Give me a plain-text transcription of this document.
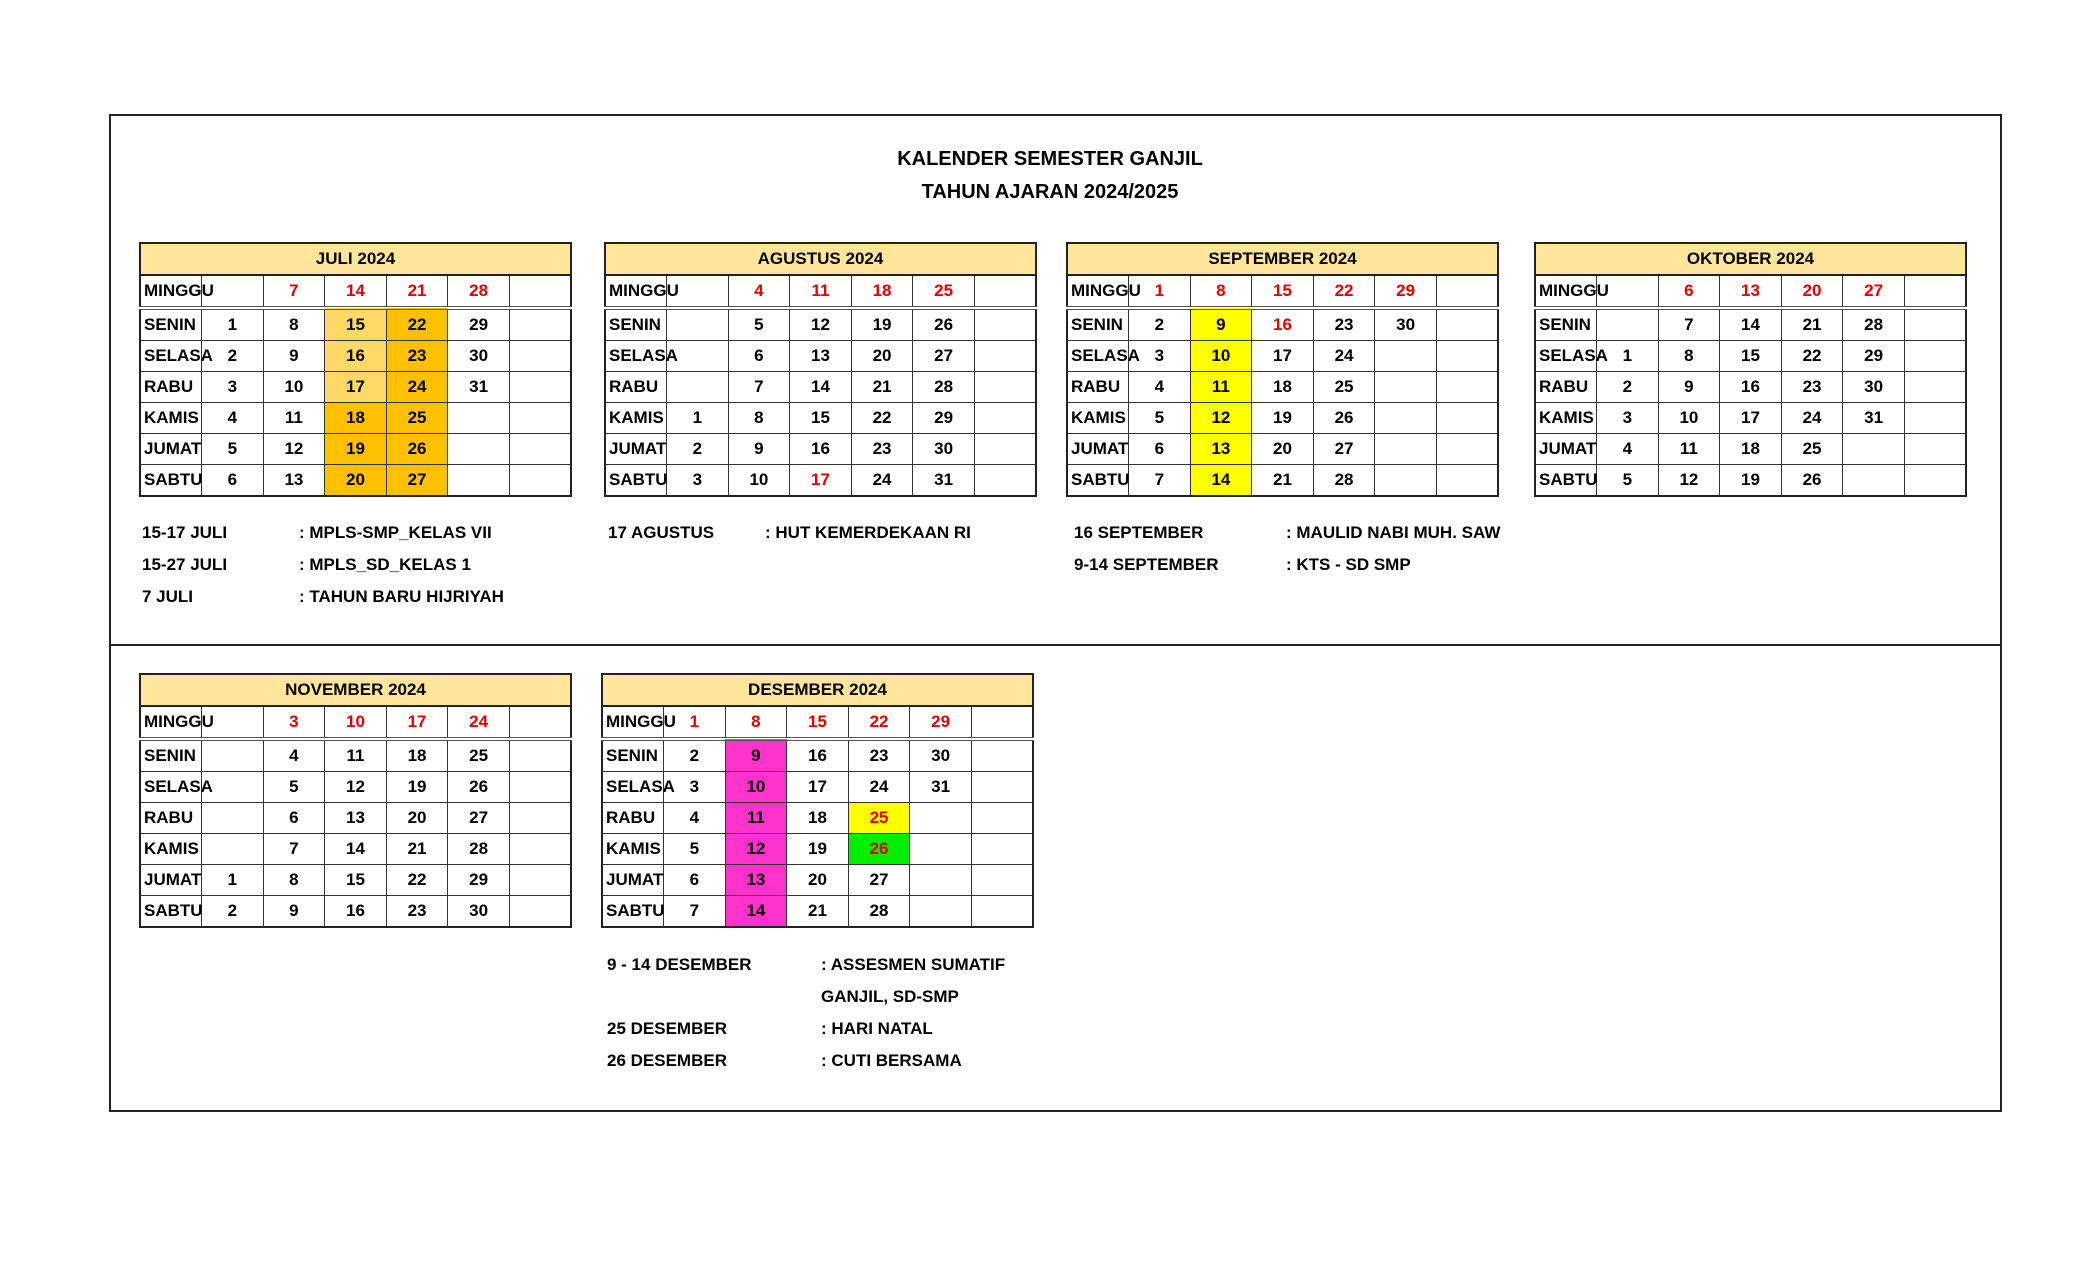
KALENDER SEMESTER GANJIL
TAHUN AJARAN 2024/2025
JULI 2024						
MINGGU		7	14	21	28	
SENIN	1	8	15	22	29	
SELASA	2	9	16	23	30	
RABU	3	10	17	24	31	
KAMIS	4	11	18	25		
JUMAT	5	12	19	26		
SABTU	6	13	20	27		
15-17 JULI	: MPLS-SMP_KELAS VII
15-27 JULI	: MPLS_SD_KELAS 1
7 JULI	: TAHUN BARU HIJRIYAH
AGUSTUS 2024						
MINGGU		4	11	18	25	
SENIN		5	12	19	26	
SELASA		6	13	20	27	
RABU		7	14	21	28	
KAMIS	1	8	15	22	29	
JUMAT	2	9	16	23	30	
SABTU	3	10	17	24	31	
17 AGUSTUS	: HUT KEMERDEKAAN RI
SEPTEMBER 2024						
MINGGU	1	8	15	22	29	
SENIN	2	9	16	23	30	
SELASA	3	10	17	24		
RABU	4	11	18	25		
KAMIS	5	12	19	26		
JUMAT	6	13	20	27		
SABTU	7	14	21	28		
16 SEPTEMBER	: MAULID NABI MUH. SAW
9-14 SEPTEMBER	: KTS - SD SMP
OKTOBER 2024						
MINGGU		6	13	20	27	
SENIN		7	14	21	28	
SELASA	1	8	15	22	29	
RABU	2	9	16	23	30	
KAMIS	3	10	17	24	31	
JUMAT	4	11	18	25		
SABTU	5	12	19	26		
NOVEMBER 2024						
MINGGU		3	10	17	24	
SENIN		4	11	18	25	
SELASA		5	12	19	26	
RABU		6	13	20	27	
KAMIS		7	14	21	28	
JUMAT	1	8	15	22	29	
SABTU	2	9	16	23	30	
DESEMBER 2024						
MINGGU	1	8	15	22	29	
SENIN	2	9	16	23	30	
SELASA	3	10	17	24	31	
RABU	4	11	18	25		
KAMIS	5	12	19	26		
JUMAT	6	13	20	27		
SABTU	7	14	21	28		
9 - 14 DESEMBER	: ASSESMEN SUMATIF
GANJIL, SD-SMP
25 DESEMBER	: HARI NATAL
26 DESEMBER	: CUTI BERSAMA
